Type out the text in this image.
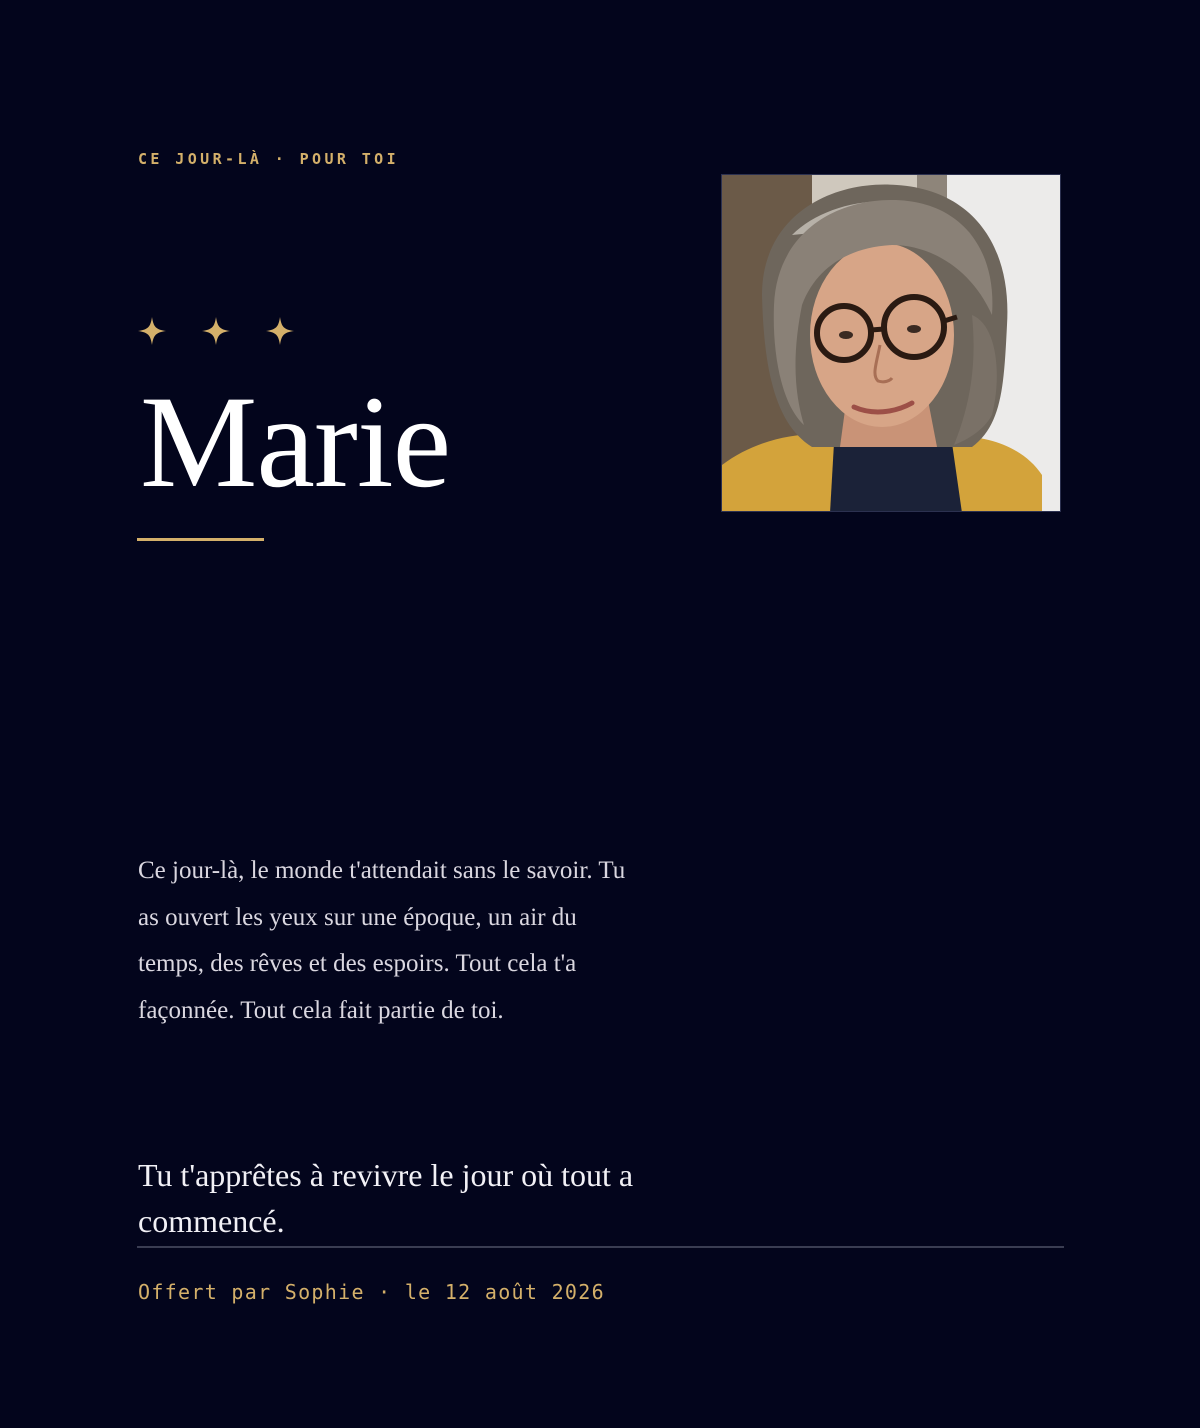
CE JOUR-LÀ · POUR TOI
Marie
Ce jour-là, le monde t'attendait sans le savoir. Tu as ouvert les yeux sur une époque, un air du temps, des rêves et des espoirs. Tout cela t'a façonnée. Tout cela fait partie de toi.
Tu t'apprêtes à revivre le jour où tout a commencé.
Offert par Sophie · le 12 août 2026
